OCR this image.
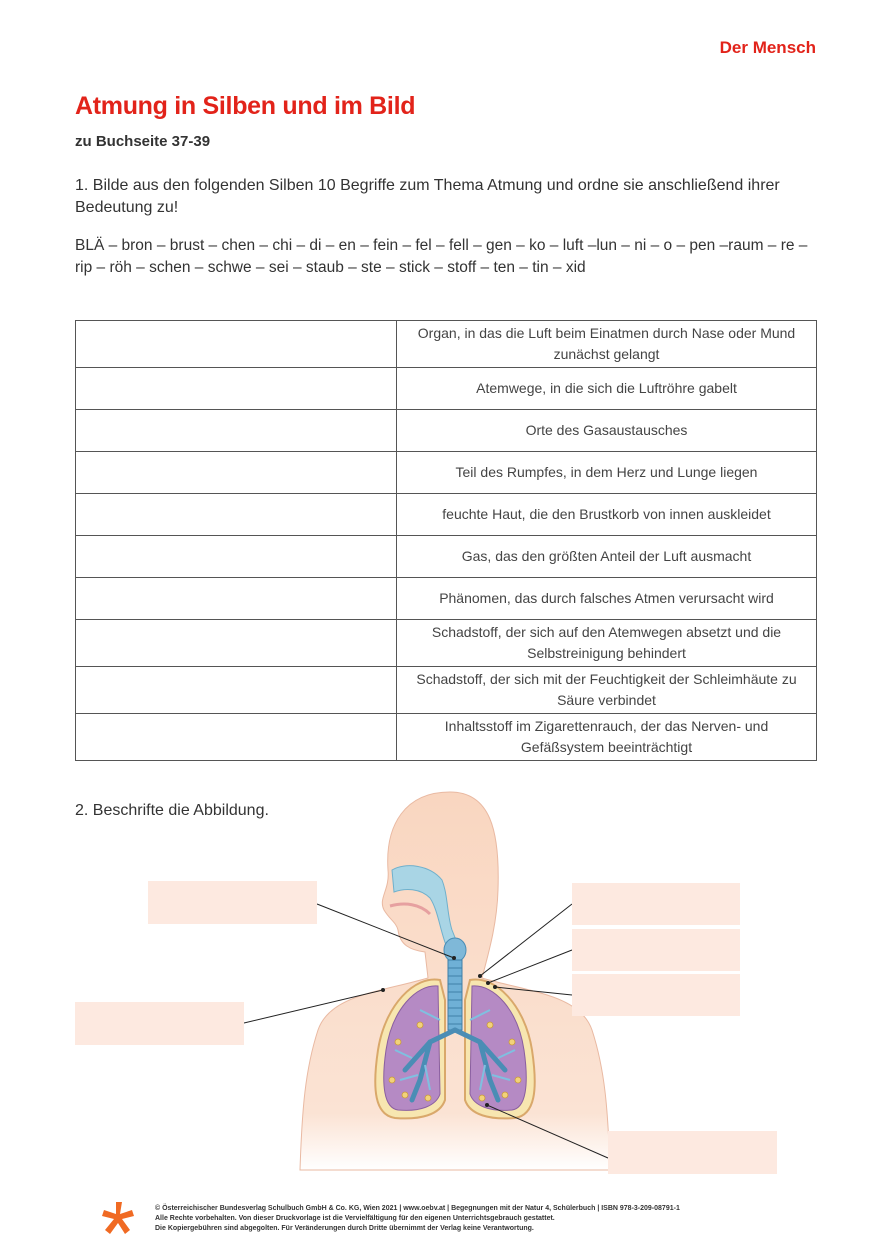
Der Mensch
Atmung in Silben und im Bild
zu Buchseite 37-39
1. Bilde aus den folgenden Silben 10 Begriffe zum Thema Atmung und ordne sie anschließend ihrer Bedeutung zu!
BLÄ – bron – brust – chen – chi – di – en – fein – fel – fell – gen – ko – luft –lun – ni – o – pen –raum – re – rip – röh – schen – schwe – sei – staub – ste – stick – stoff – ten – tin – xid
	Organ, in das die Luft beim Einatmen durch Nase oder Mund zunächst gelangt
	Atemwege, in die sich die Luftröhre gabelt
	Orte des Gasaustausches
	Teil des Rumpfes, in dem Herz und Lunge liegen
	feuchte Haut, die den Brustkorb von innen auskleidet
	Gas, das den größten Anteil der Luft ausmacht
	Phänomen, das durch falsches Atmen verursacht wird
	Schadstoff, der sich auf den Atemwegen absetzt und die Selbstreinigung behindert
	Schadstoff, der sich mit der Feuchtigkeit der Schleimhäute zu Säure verbindet
	Inhaltsstoff im Zigarettenrauch, der das Nerven- und Gefäßsystem beeinträchtigt
2. Beschrifte die Abbildung.
© Österreichischer Bundesverlag Schulbuch GmbH & Co. KG, Wien 2021 | www.oebv.at | Begegnungen mit der Natur 4, Schülerbuch | ISBN 978-3-209-08791-1
Alle Rechte vorbehalten. Von dieser Druckvorlage ist die Vervielfältigung für den eigenen Unterrichtsgebrauch gestattet.
Die Kopiergebühren sind abgegolten. Für Veränderungen durch Dritte übernimmt der Verlag keine Verantwortung.
